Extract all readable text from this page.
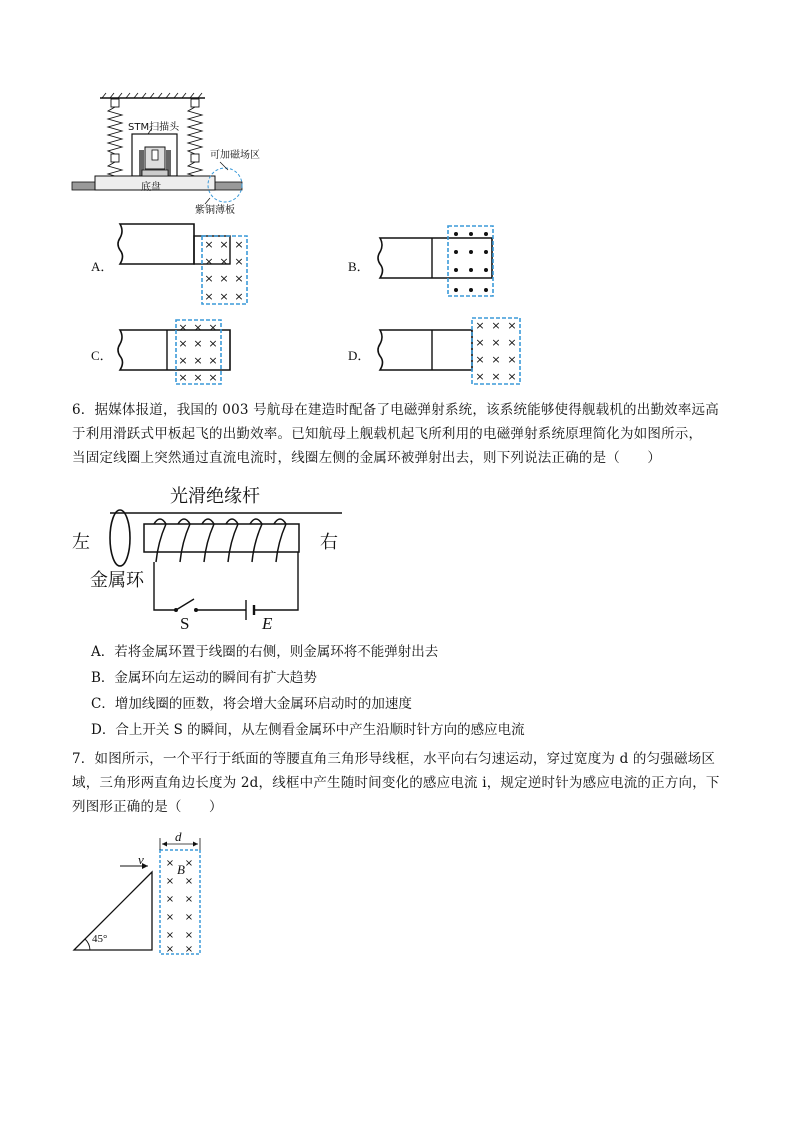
STM扫描头
可加磁场区
底盘
紫铜薄板
A．	B．
C．	D．
× × ×
× × ×
× × ×
× × ×
× × ×
× × ×
× × ×
× × ×
× × ×
× × ×
× × ×
× × ×
6．据媒体报道，我国的 003 号航母在建造时配备了电磁弹射系统，该系统能够使得舰载机的出勤效率远高
于利用滑跃式甲板起飞的出勤效率。已知航母上舰载机起飞所利用的电磁弹射系统原理简化为如图所示，
当固定线圈上突然通过直流电流时，线圈左侧的金属环被弹射出去，则下列说法正确的是（　　）
光滑绝缘杆
左	右
金属环
S	E
A．若将金属环置于线圈的右侧，则金属环将不能弹射出去
B．金属环向左运动的瞬间有扩大趋势
C．增加线圈的匝数，将会增大金属环启动时的加速度
D．合上开关 S 的瞬间，从左侧看金属环中产生沿顺时针方向的感应电流
7．如图所示，一个平行于纸面的等腰直角三角形导线框，水平向右匀速运动，穿过宽度为 d 的匀强磁场区
域，三角形两直角边长度为 2d，线框中产生随时间变化的感应电流 i，规定逆时针为感应电流的正方向，下
列图形正确的是（　　）
× ×
× ×
× ×
× ×
× ×
× ×
v
d
B
45°
